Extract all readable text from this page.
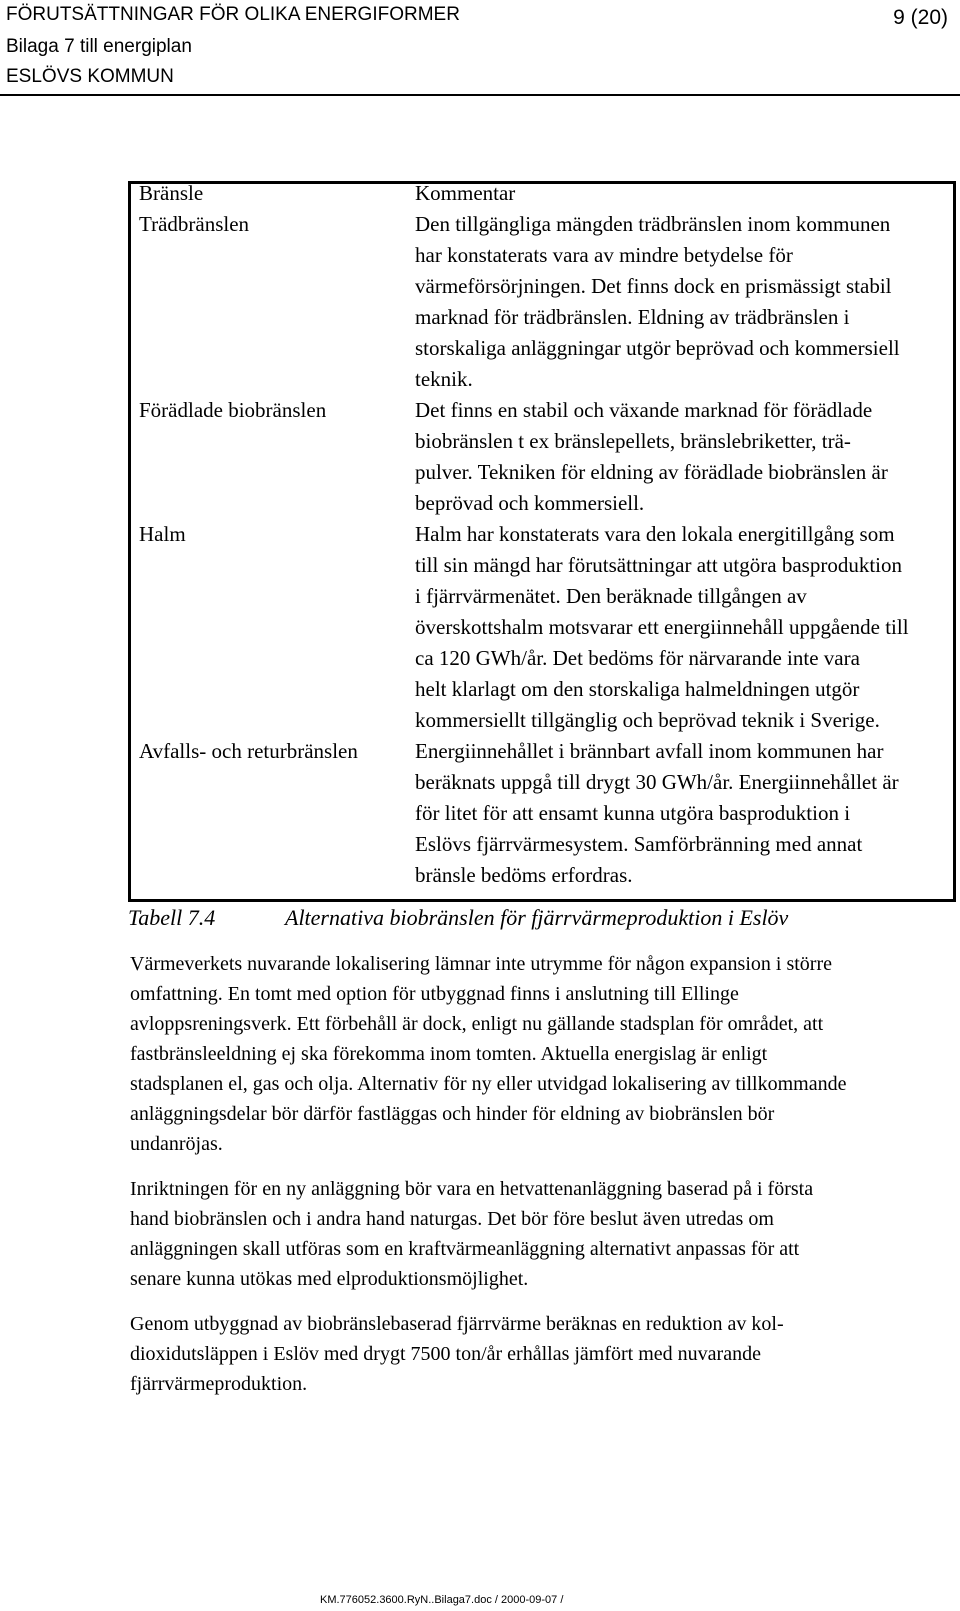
FÖRUTSÄTTNINGAR FÖR OLIKA ENERGIFORMER
Bilaga 7 till energiplan
ESLÖVS KOMMUN
9 (20)
Bränsle	Kommentar
Trädbränslen	Den tillgängliga mängden trädbränslen inom kommunen
har konstaterats vara av mindre betydelse för
värmeförsörjningen. Det finns dock en prismässigt stabil
marknad för trädbränslen. Eldning av trädbränslen i
storskaliga anläggningar utgör beprövad och kommersiell
teknik.
Förädlade biobränslen	Det finns en stabil och växande marknad för förädlade
biobränslen t ex bränslepellets, bränslebriketter, trä-
pulver. Tekniken för eldning av förädlade biobränslen är
beprövad och kommersiell.
Halm	Halm har konstaterats vara den lokala energitillgång som
till sin mängd har förutsättningar att utgöra basproduktion
i fjärrvärmenätet. Den beräknade tillgången av
överskottshalm motsvarar ett energiinnehåll uppgående till
ca 120 GWh/år. Det bedöms för närvarande inte vara
helt klarlagt om den storskaliga halmeldningen utgör
kommersiellt tillgänglig och beprövad teknik i Sverige.
Avfalls- och returbränslen	Energiinnehållet i brännbart avfall inom kommunen har
beräknats uppgå till drygt 30 GWh/år. Energiinnehållet är
för litet för att ensamt kunna utgöra basproduktion i
Eslövs fjärrvärmesystem. Samförbränning med annat
bränsle bedöms erfordras.
Tabell 7.4	Alternativa biobränslen för fjärrvärmeproduktion i Eslöv
Värmeverkets nuvarande lokalisering lämnar inte utrymme för någon expansion i större
omfattning. En tomt med option för utbyggnad finns i anslutning till Ellinge
avloppsreningsverk. Ett förbehåll är dock, enligt nu gällande stadsplan för området, att
fastbränsleeldning ej ska förekomma inom tomten. Aktuella energislag är enligt
stadsplanen el, gas och olja. Alternativ för ny eller utvidgad lokalisering av tillkommande
anläggningsdelar bör därför fastläggas och hinder för eldning av biobränslen bör
undanröjas.
Inriktningen för en ny anläggning bör vara en hetvattenanläggning baserad på i första
hand biobränslen och i andra hand naturgas. Det bör före beslut även utredas om
anläggningen skall utföras som en kraftvärmeanläggning alternativt anpassas för att
senare kunna utökas med elproduktionsmöjlighet.
Genom utbyggnad av biobränslebaserad fjärrvärme beräknas en reduktion av kol-
dioxidutsläppen i Eslöv med drygt 7500 ton/år erhållas jämfört med nuvarande
fjärrvärmeproduktion.
KM.776052.3600.RyN..Bilaga7.doc / 2000-09-07 /
